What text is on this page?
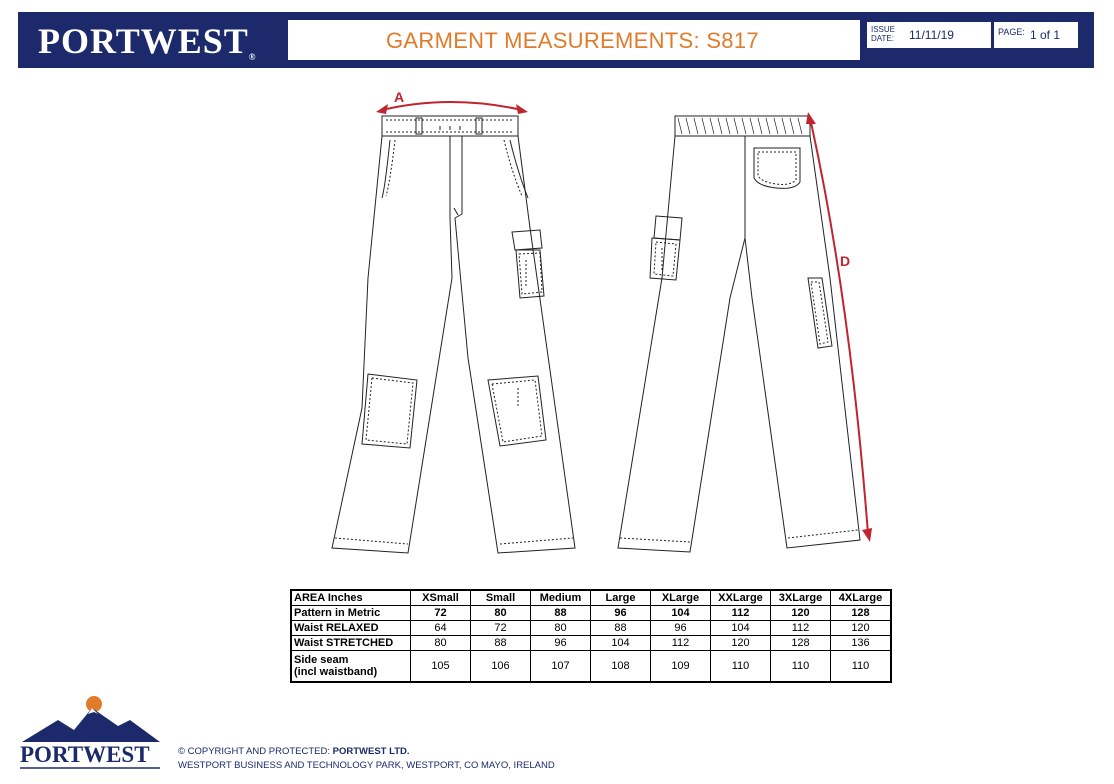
PORTWEST®
GARMENT MEASUREMENTS: S817	ISSUE
DATE: 11/11/19	PAGE: 1 of 1
A
D
AREA Inches	XSmall	Small	Medium	Large	XLarge	XXLarge	3XLarge	4XLarge
Pattern in Metric	72	80	88	96	104	112	120	128
Waist RELAXED	64	72	80	88	96	104	112	120
Waist STRETCHED	80	88	96	104	112	120	128	136

Side seam
(incl waistband)	105	106	107	108	109	110	110	110
PORTWEST	© COPYRIGHT AND PROTECTED: PORTWEST LTD.
WESTPORT BUSINESS AND TECHNOLOGY PARK, WESTPORT, CO MAYO, IRELAND
